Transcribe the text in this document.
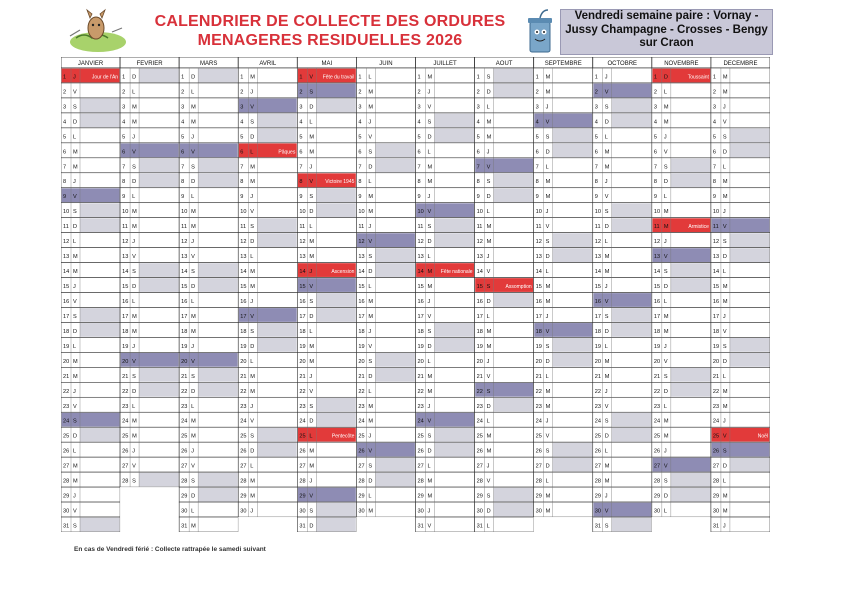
CALENDRIER DE COLLECTE DES ORDURES
MENAGERES RESIDUELLES 2026
Vendredi semaine paire : Vornay -
Jussy Champagne - Crosses - Bengy
sur Craon
JANVIER
1 J	Jour de l'An
2 V
3 S
4 D
5 L
6 M
7 M
8 J
9 V
10 S
11 D
12 L
13 M
14 M
15 J
16 V
17 S
18 D
19 L
20 M
21 M
22 J
23 V
24 S
25 D
26 L
27 M
28 M
29 J
30 V
31 S
FEVRIER
1 D
2 L
3 M
4 M
5 J
6 V
7 S
8 D
9 L
10 M
11 M
12 J
13 V
14 S
15 D
16 L
17 M
18 M
19 J
20 V
21 S
22 D
23 L
24 M
25 M
26 J
27 V
28 S
MARS
1 D
2 L
3 M
4 M
5 J
6 V
7 S
8 D
9 L
10 M
11 M
12 J
13 V
14 S
15 D
16 L
17 M
18 M
19 J
20 V
21 S
22 D
23 L
24 M
25 M
26 J
27 V
28 S
29 D
30 L
31 M
AVRIL
1 M
2 J
3 V
4 S
5 D
6 L	Pâques
7 M
8 M
9 J
10 V
11 S
12 D
13 L
14 M
15 M
16 J
17 V
18 S
19 D
20 L
21 M
22 M
23 J
24 V
25 S
26 D
27 L
28 M
29 M
30 J
MAI
1 V Fête du travail
2 S
3 D
4 L
5 M
6 M
7 J
8 V Victoire 1945
9 S
10 D
11 L
12 M
13 M
14 J	Ascension
15 V
16 S
17 D
18 L
19 M
20 M
21 J
22 V
23 S
24 D
25 L	Pentecôte
26 M
27 M
28 J
29 V
30 S
31 D
JUIN
1 L
2 M
3 M
4 J
5 V
6 S
7 D
8 L
9 M
10 M
11 J
12 V
13 S
14 D
15 L
16 M
17 M
18 J
19 V
20 S
21 D
22 L
23 M
24 M
25 J
26 V
27 S
28 D
29 L
30 M
JUILLET
1 M
2 J
3 V
4 S
5 D
6 L
7 M
8 M
9 J
10 V
11 S
12 D
13 L
14 M Fête nationale
15 M
16 J
17 V
18 S
19 D
20 L
21 M
22 M
23 J
24 V
25 S
26 D
27 L
28 M
29 M
30 J
31 V
AOUT
1 S
2 D
3 L
4 M
5 M
6 J
7 V
8 S
9 D
10 L
11 M
12 M
13 J
14 V
15 S	Assomption
16 D
17 L
18 M
19 M
20 J
21 V
22 S
23 D
24 L
25 M
26 M
27 J
28 V
29 S
30 D
31 L
SEPTEMBRE
1 M
2 M
3 J
4 V
5 S
6 D
7 L
8 M
9 M
10 J
11 V
12 S
13 D
14 L
15 M
16 M
17 J
18 V
19 S
20 D
21 L
22 M
23 M
24 J
25 V
26 S
27 D
28 L
29 M
30 M
OCTOBRE
1 J
2 V
3 S
4 D
5 L
6 M
7 M
8 J
9 V
10 S
11 D
12 L
13 M
14 M
15 J
16 V
17 S
18 D
19 L
20 M
21 M
22 J
23 V
24 S
25 D
26 L
27 M
28 M
29 J
30 V
31 S
NOVEMBRE
1 D	Toussaint
2 L
3 M
4 M
5 J
6 V
7 S
8 D
9 L
10 M
11 M	Armistice
12 J
13 V
14 S
15 D
16 L
17 M
18 M
19 J
20 V
21 S
22 D
23 L
24 M
25 M
26 J
27 V
28 S
29 D
30 L
DECEMBRE
1 M
2 M
3 J
4 V
5 S
6 D
7 L
8 M
9 M
10 J
11 V
12 S
13 D
14 L
15 M
16 M
17 J
18 V
19 S
20 D
21 L
22 M
23 M
24 J
25 V	Noël
26 S
27 D
28 L
29 M
30 M
31 J
En cas de Vendredi férié : Collecte rattrapée le samedi suivant
